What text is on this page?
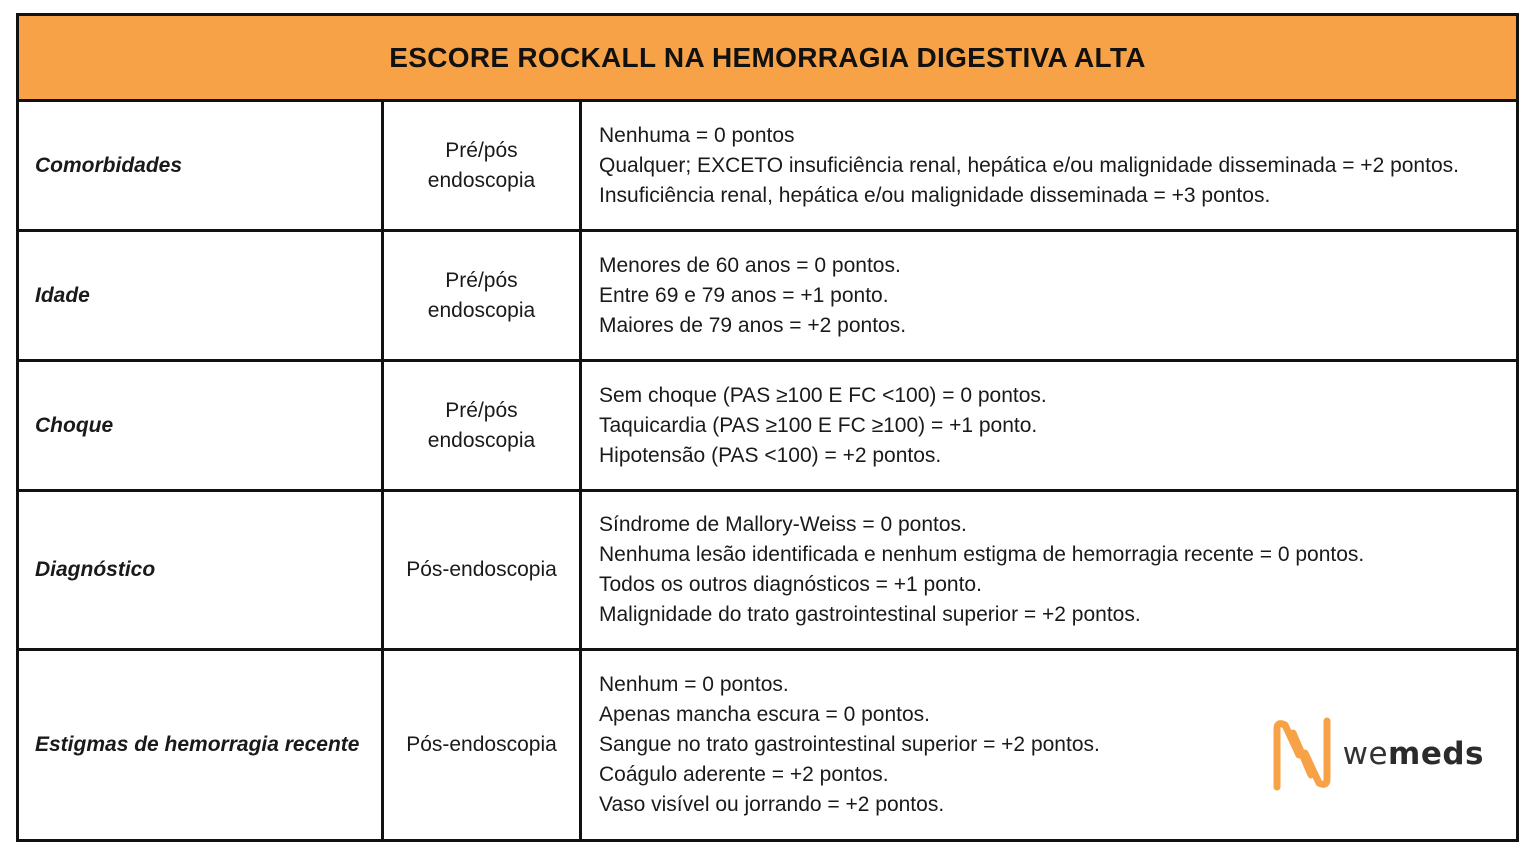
ESCORE ROCKALL NA HEMORRAGIA DIGESTIVA ALTA
Comorbidades
Pré/pós
endoscopia
Nenhuma = 0 pontos
Qualquer; EXCETO insuficiência renal, hepática e/ou malignidade disseminada = +2 pontos.
Insuficiência renal, hepática e/ou malignidade disseminada = +3 pontos.
Idade
Pré/pós
endoscopia
Menores de 60 anos = 0 pontos.
Entre 69 e 79 anos = +1 ponto.
Maiores de 79 anos = +2 pontos.
Choque
Pré/pós
endoscopia
Sem choque (PAS ≥100 E FC <100) = 0 pontos.
Taquicardia (PAS ≥100 E FC ≥100) = +1 ponto.
Hipotensão (PAS <100) = +2 pontos.
Diagnóstico	Pós-endoscopia
Síndrome de Mallory-Weiss = 0 pontos.
Nenhuma lesão identificada e nenhum estigma de hemorragia recente = 0 pontos.
Todos os outros diagnósticos = +1 ponto.
Malignidade do trato gastrointestinal superior = +2 pontos.
Estigmas de hemorragia recente	Pós-endoscopia
Nenhum = 0 pontos.
Apenas mancha escura = 0 pontos.
Sangue no trato gastrointestinal superior = +2 pontos.
Coágulo aderente = +2 pontos.
Vaso visível ou jorrando = +2 pontos.
wemeds
